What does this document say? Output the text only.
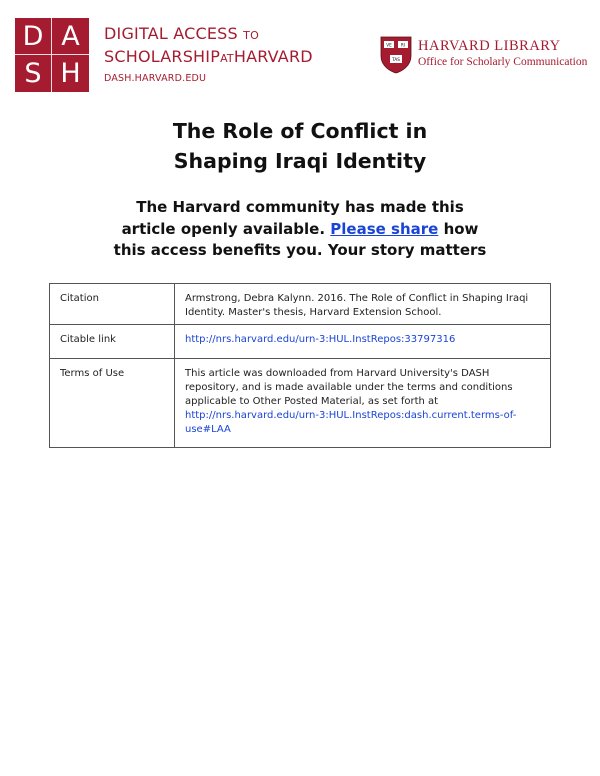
D A
S H
DIGITAL ACCESS TO
SCHOLARSHIPATHARVARD
DASH.HARVARD.EDU
VE RI
TAS
HARVARD LIBRARY
Office for Scholarly Communication
The Role of Conflict in
Shaping Iraqi Identity
The Harvard community has made this
article openly available. Please share how
this access benefits you. Your story matters
Citation	Armstrong, Debra Kalynn. 2016. The Role of Conflict in Shaping Iraqi Identity. Master's thesis, Harvard Extension School.
Citable link	http://nrs.harvard.edu/urn-3:HUL.InstRepos:33797316
Terms of Use	This article was downloaded from Harvard University's DASH repository, and is made available under the terms and conditions applicable to Other Posted Material, as set forth at http://nrs.harvard.edu/urn-3:HUL.InstRepos:dash.current.terms-of-use#LAA
